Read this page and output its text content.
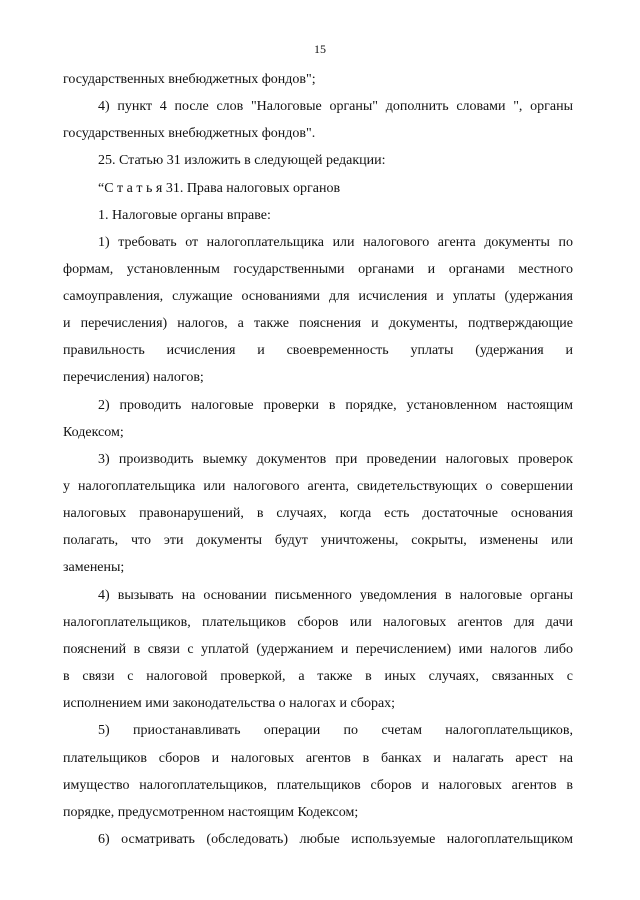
15
государственных внебюджетных фондов";
4) пункт 4 после слов "Налоговые органы" дополнить словами ", органы
государственных внебюджетных фондов".
25. Статью 31 изложить в следующей редакции:
“С т а т ь я 31. Права налоговых органов
1. Налоговые органы вправе:
1) требовать от налогоплательщика или налогового агента документы по
формам, установленным государственными органами и органами местного
самоуправления, служащие основаниями для исчисления и уплаты (удержания
и перечисления) налогов, а также пояснения и документы, подтверждающие
правильность исчисления и своевременность уплаты (удержания и
перечисления) налогов;
2) проводить налоговые проверки в порядке, установленном настоящим
Кодексом;
3) производить выемку документов при проведении налоговых проверок
у налогоплательщика или налогового агента, свидетельствующих о совершении
налоговых правонарушений, в случаях, когда есть достаточные основания
полагать, что эти документы будут уничтожены, сокрыты, изменены или
заменены;
4) вызывать на основании письменного уведомления в налоговые органы
налогоплательщиков, плательщиков сборов или налоговых агентов для дачи
пояснений в связи с уплатой (удержанием и перечислением) ими налогов либо
в связи с налоговой проверкой, а также в иных случаях, связанных с
исполнением ими законодательства о налогах и сборах;
5) приостанавливать операции по счетам налогоплательщиков,
плательщиков сборов и налоговых агентов в банках и налагать арест на
имущество налогоплательщиков, плательщиков сборов и налоговых агентов в
порядке, предусмотренном настоящим Кодексом;
6) осматривать (обследовать) любые используемые налогоплательщиком
